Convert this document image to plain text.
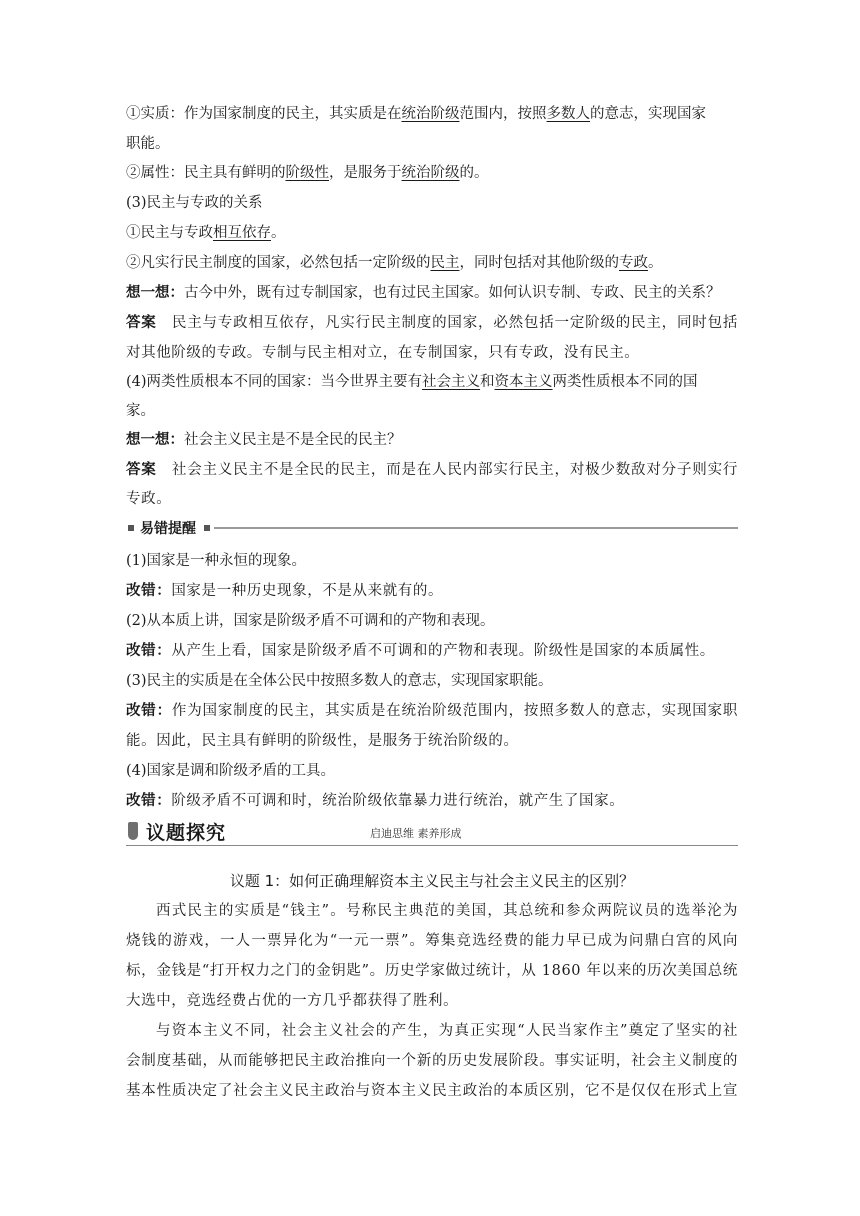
①实质：作为国家制度的民主，其实质是在统治阶级范围内，按照多数人的意志，实现国家
职能。
②属性：民主具有鲜明的阶级性，是服务于统治阶级的。
(3)民主与专政的关系
①民主与专政相互依存。
②凡实行民主制度的国家，必然包括一定阶级的民主，同时包括对其他阶级的专政。
想一想：古今中外，既有过专制国家，也有过民主国家。如何认识专制、专政、民主的关系？
答案  民主与专政相互依存，凡实行民主制度的国家，必然包括一定阶级的民主，同时包括
对其他阶级的专政。专制与民主相对立，在专制国家，只有专政，没有民主。
(4)两类性质根本不同的国家：当今世界主要有社会主义和资本主义两类性质根本不同的国
家。
想一想：社会主义民主是不是全民的民主？
答案  社会主义民主不是全民的民主，而是在人民内部实行民主，对极少数敌对分子则实行
专政。
易错提醒
(1)国家是一种永恒的现象。
改错：国家是一种历史现象，不是从来就有的。
(2)从本质上讲，国家是阶级矛盾不可调和的产物和表现。
改错：从产生上看，国家是阶级矛盾不可调和的产物和表现。阶级性是国家的本质属性。
(3)民主的实质是在全体公民中按照多数人的意志，实现国家职能。
改错：作为国家制度的民主，其实质是在统治阶级范围内，按照多数人的意志，实现国家职
能。因此，民主具有鲜明的阶级性，是服务于统治阶级的。
(4)国家是调和阶级矛盾的工具。
改错：阶级矛盾不可调和时，统治阶级依靠暴力进行统治，就产生了国家。
议题探究	启迪思维 素养形成
议题 1：如何正确理解资本主义民主与社会主义民主的区别？
西式民主的实质是“钱主”。号称民主典范的美国，其总统和参众两院议员的选举沦为
烧钱的游戏，一人一票异化为“一元一票”。筹集竞选经费的能力早已成为问鼎白宫的风向
标，金钱是“打开权力之门的金钥匙”。历史学家做过统计，从 1860 年以来的历次美国总统
大选中，竞选经费占优的一方几乎都获得了胜利。
与资本主义不同，社会主义社会的产生，为真正实现“人民当家作主”奠定了坚实的社
会制度基础，从而能够把民主政治推向一个新的历史发展阶段。事实证明，社会主义制度的
基本性质决定了社会主义民主政治与资本主义民主政治的本质区别，它不是仅仅在形式上宣
